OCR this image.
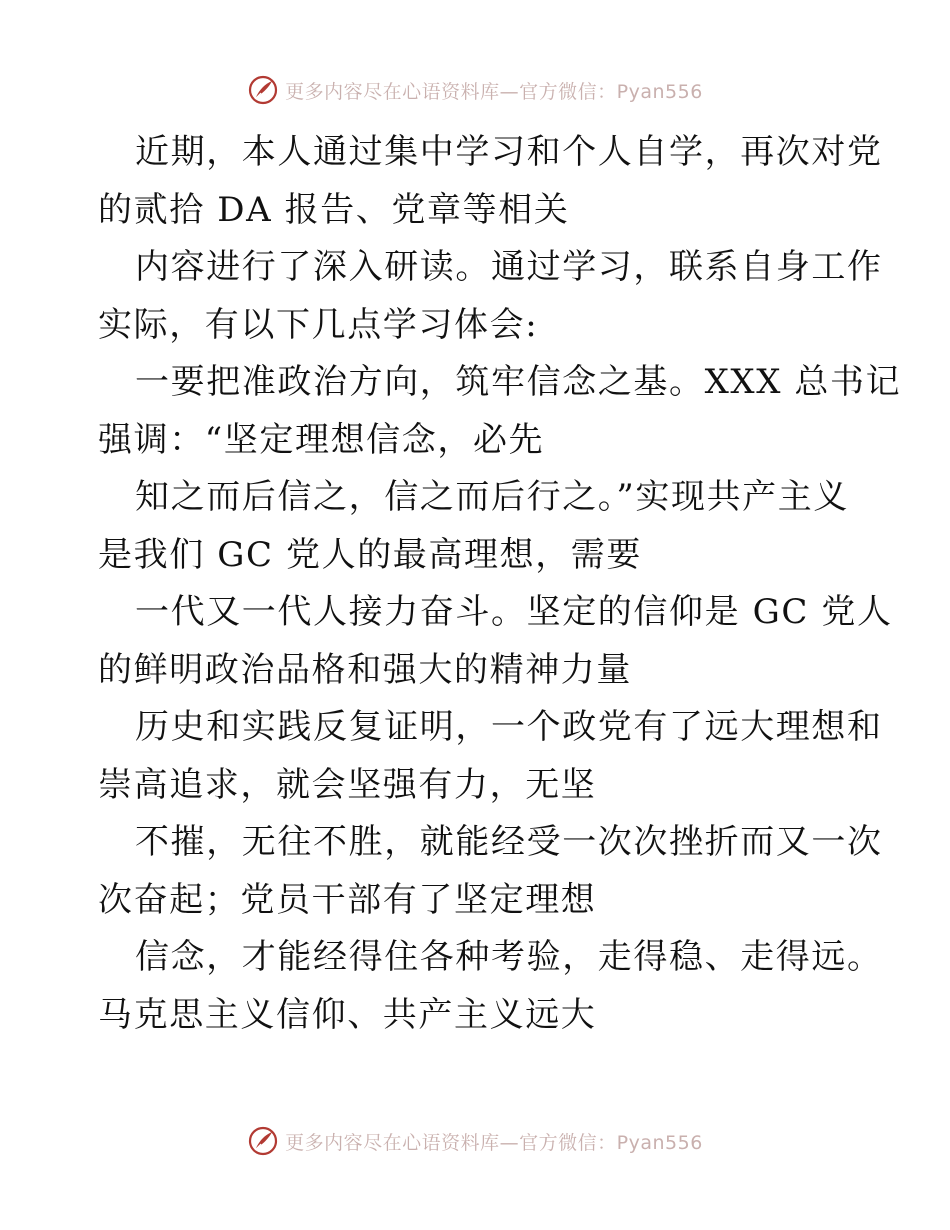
更多内容尽在心语资料库—官方微信：Pyan556
近期，本人通过集中学习和个人自学，再次对党
的贰拾 DA 报告、党章等相关
内容进行了深入研读。通过学习，联系自身工作
实际，有以下几点学习体会:
一要把准政治方向，筑牢信念之基。XXX 总书记
强调：“坚定理想信念，必先
知之而后信之，信之而后行之。”实现共产主义
是我们 GC 党人的最高理想，需要
一代又一代人接力奋斗。坚定的信仰是 GC 党人
的鲜明政治品格和强大的精神力量
历史和实践反复证明，一个政党有了远大理想和
崇高追求，就会坚强有力，无坚
不摧，无往不胜，就能经受一次次挫折而又一次
次奋起；党员干部有了坚定理想
信念，才能经得住各种考验，走得稳、走得远。
马克思主义信仰、共产主义远大
更多内容尽在心语资料库—官方微信：Pyan556
